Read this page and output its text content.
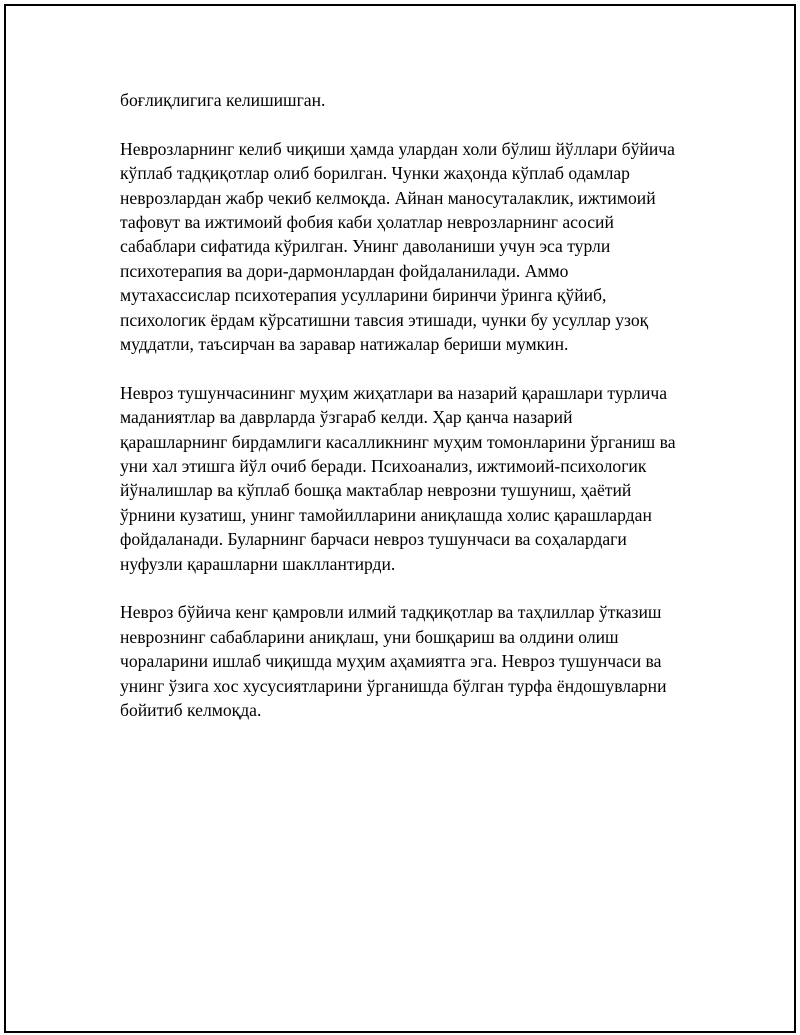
боғлиқлигига келишишган.

Неврозларнинг келиб чиқиши ҳамда улардан холи бўлиш йўллари бўйича кўплаб тадқиқотлар олиб борилган. Чунки жаҳонда кўплаб одамлар неврозлардан жабр чекиб келмоқда. Айнан маносуталаклик, ижтимоий тафовут ва ижтимоий фобия каби ҳолатлар неврозларнинг асосий сабаблари сифатида кўрилган. Унинг даволаниши учун эса турли психотерапия ва дори-дармонлардан фойдаланилади. Аммо мутахассислар психотерапия усулларини биринчи ўринга қўйиб, психологик ёрдам кўрсатишни тавсия этишади, чунки бу усуллар узоқ муддатли, таъсирчан ва заравар натижалар бериши мумкин.

Невроз тушунчасининг муҳим жиҳатлари ва назарий қарашлари турлича маданиятлар ва даврларда ўзгараб келди. Ҳар қанча назарий қарашларнинг бирдамлиги касалликнинг муҳим томонларини ўрганиш ва уни хал этишга йўл очиб беради. Психоанализ, ижтимоий-психологик йўналишлар ва кўплаб бошқа мактаблар неврозни тушуниш, ҳаётий ўрнини кузатиш, унинг тамойилларини аниқлашда холис қарашлардан фойдаланади. Буларнинг барчаси невроз тушунчаси ва соҳалардаги нуфузли қарашларни шакллантирди.

Невроз бўйича кенг қамровли илмий тадқиқотлар ва таҳлиллар ўтказиш неврознинг сабабларини аниқлаш, уни бошқариш ва олдини олиш чораларини ишлаб чиқишда муҳим аҳамиятга эга. Невроз тушунчаси ва унинг ўзига хос хусусиятларини ўрганишда бўлган турфа ёндошувларни бойитиб келмоқда.
